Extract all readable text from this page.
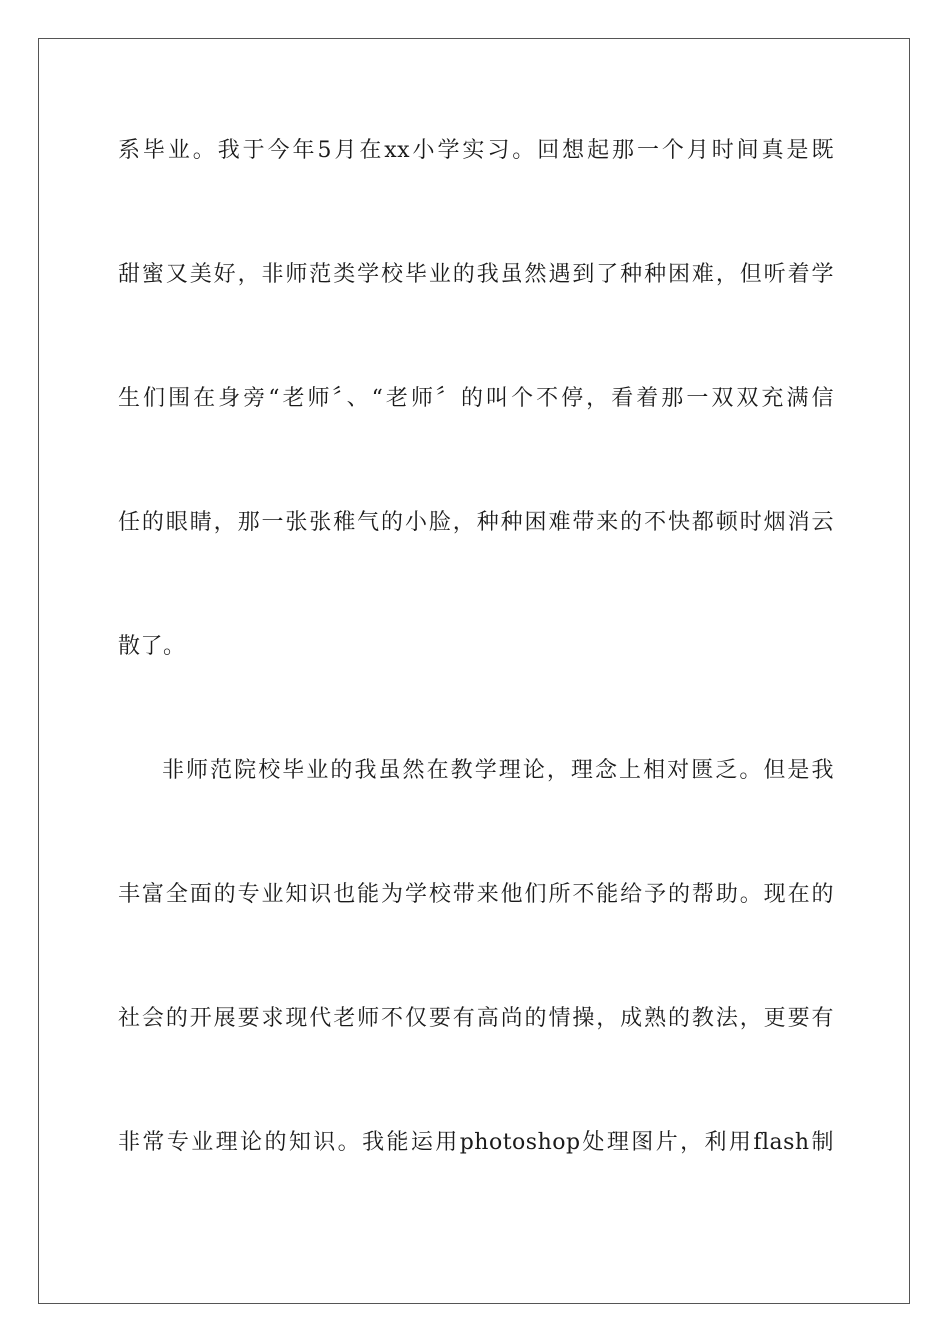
系毕业。我于今年5月在xx小学实习。回想起那一个月时间真是既
甜蜜又美好，非师范类学校毕业的我虽然遇到了种种困难，但听着学
生们围在身旁“老师〞、“老师〞的叫个不停，看着那一双双充满信
任的眼睛，那一张张稚气的小脸，种种困难带来的不快都顿时烟消云
散了。
非师范院校毕业的我虽然在教学理论，理念上相对匮乏。但是我
丰富全面的专业知识也能为学校带来他们所不能给予的帮助。现在的
社会的开展要求现代老师不仅要有高尚的情操，成熟的教法，更要有
非常专业理论的知识。我能运用photoshop处理图片，利用flash制
